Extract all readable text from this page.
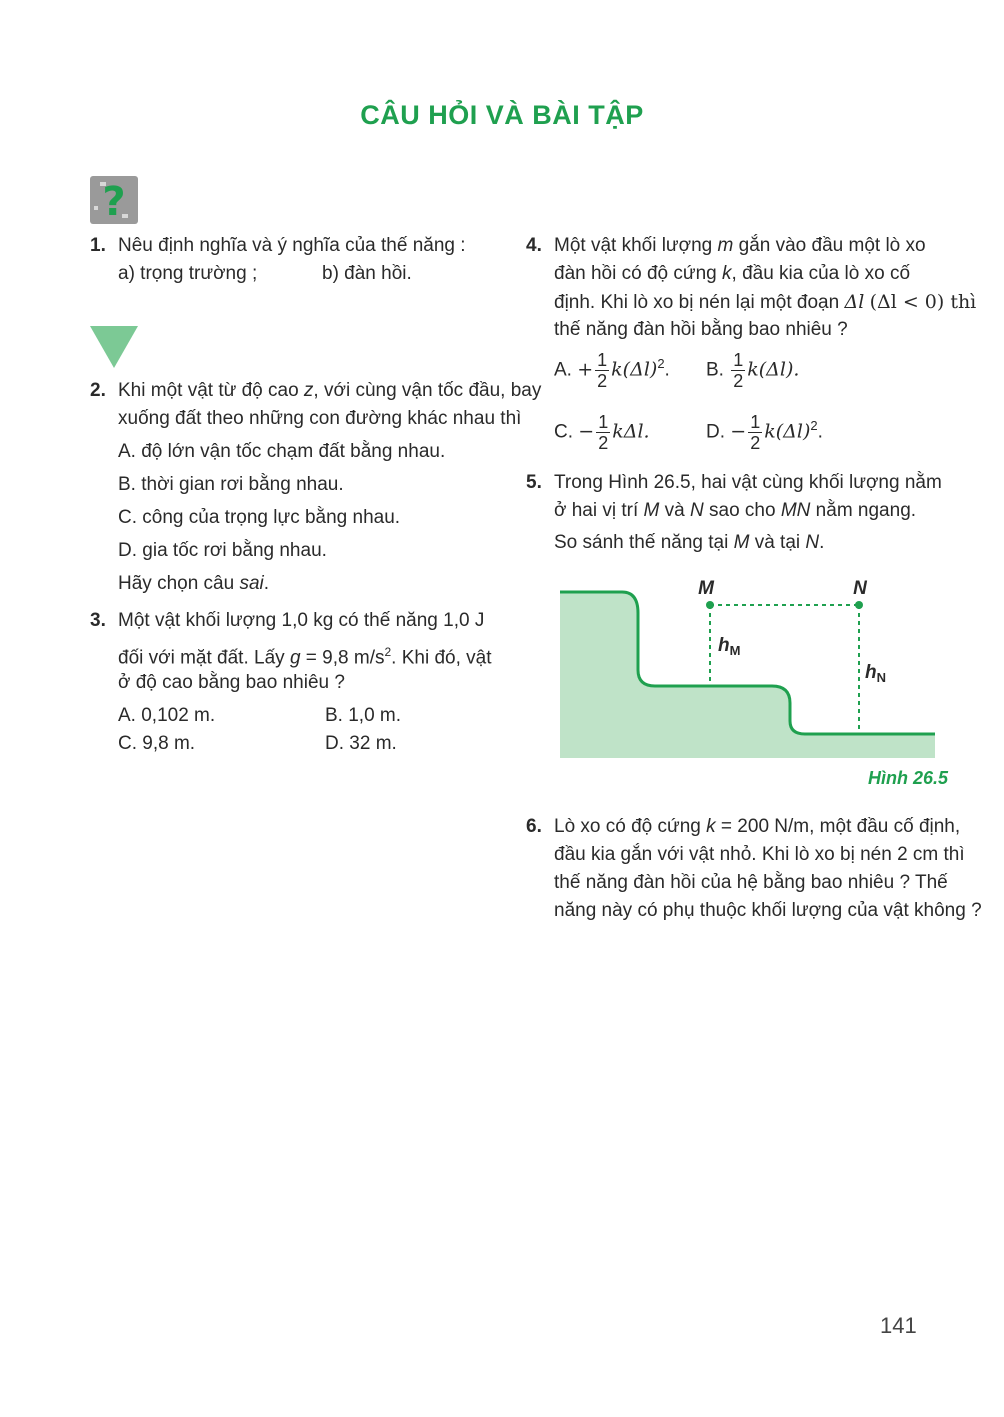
CÂU HỎI VÀ BÀI TẬP
?
1. Nêu định nghĩa và ý nghĩa của thế năng :
a) trọng trường ;	b) đàn hồi.
2. Khi một vật từ độ cao z, với cùng vận tốc đầu, bay
xuống đất theo những con đường khác nhau thì
A. độ lớn vận tốc chạm đất bằng nhau.
B. thời gian rơi bằng nhau.
C. công của trọng lực bằng nhau.
D. gia tốc rơi bằng nhau.
Hãy chọn câu sai.
3. Một vật khối lượng 1,0 kg có thế năng 1,0 J
đối với mặt đất. Lấy g = 9,8 $m/s^2$. Khi đó, vật
ở độ cao bằng bao nhiêu ?
A. 0,102 m.	B. 1,0 m.
C. 9,8 m.	D. 32 m.
4. Một vật khối lượng m gắn vào đầu một lò xo
đàn hồi có độ cứng k, đầu kia của lò xo cố
định. Khi lò xo bị nén lại một đoạn Δl (Δl < 0) thì
thế năng đàn hồi bằng bao nhiêu ?
A. + $\frac{1}{2} k(\Delta l)^2$. B. $\frac{1}{2} k(\Delta l)$.
C. − $\frac{1}{2} k\Delta l$.	D. − $\frac{1}{2} k(\Delta l)^2$.
5. Trong Hình 26.5, hai vật cùng khối lượng nằm
ở hai vị trí M và N sao cho MN nằm ngang.
So sánh thế năng tại M và tại N.
M	N
$h_M$
$h_N$
Hình 26.5
6. Lò xo có độ cứng k = 200 N/m, một đầu cố định,
đầu kia gắn với vật nhỏ. Khi lò xo bị nén 2 cm thì
thế năng đàn hồi của hệ bằng bao nhiêu ? Thế
năng này có phụ thuộc khối lượng của vật không ?
141
